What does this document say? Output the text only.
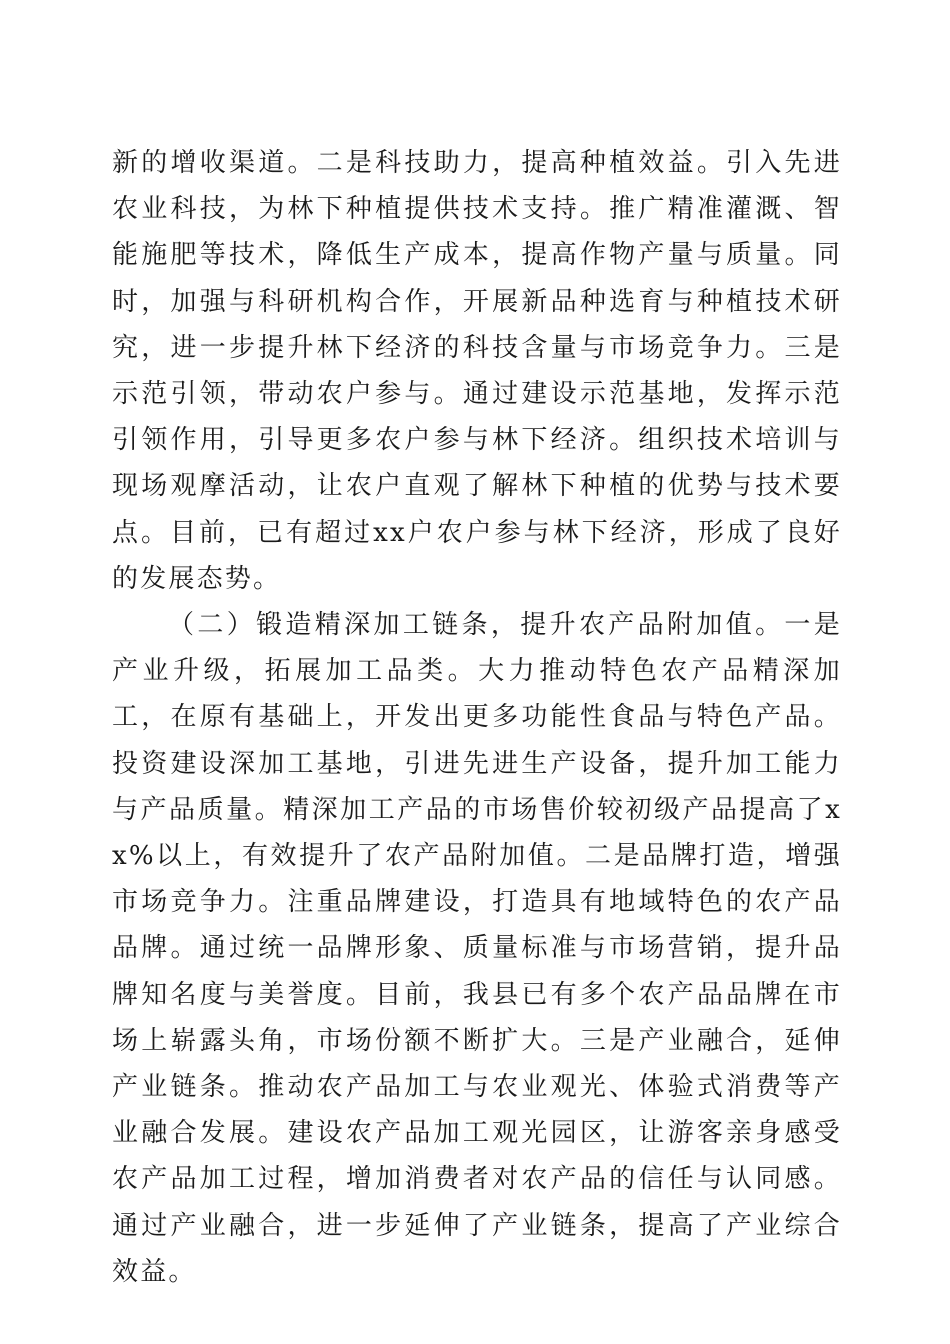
新的增收渠道。二是科技助力，提高种植效益。引入先进农业科技，为林下种植提供技术支持。推广精准灌溉、智能施肥等技术，降低生产成本，提高作物产量与质量。同时，加强与科研机构合作，开展新品种选育与种植技术研究，进一步提升林下经济的科技含量与市场竞争力。三是示范引领，带动农户参与。通过建设示范基地，发挥示范引领作用，引导更多农户参与林下经济。组织技术培训与现场观摩活动，让农户直观了解林下种植的优势与技术要点。目前，已有超过xx户农户参与林下经济，形成了良好的发展态势。

（二）锻造精深加工链条，提升农产品附加值。一是产业升级，拓展加工品类。大力推动特色农产品精深加工，在原有基础上，开发出更多功能性食品与特色产品。投资建设深加工基地，引进先进生产设备，提升加工能力与产品质量。精深加工产品的市场售价较初级产品提高了xx%以上，有效提升了农产品附加值。二是品牌打造，增强市场竞争力。注重品牌建设，打造具有地域特色的农产品品牌。通过统一品牌形象、质量标准与市场营销，提升品牌知名度与美誉度。目前，我县已有多个农产品品牌在市场上崭露头角，市场份额不断扩大。三是产业融合，延伸产业链条。推动农产品加工与农业观光、体验式消费等产业融合发展。建设农产品加工观光园区，让游客亲身感受农产品加工过程，增加消费者对农产品的信任与认同感。通过产业融合，进一步延伸了产业链条，提高了产业综合效益。
